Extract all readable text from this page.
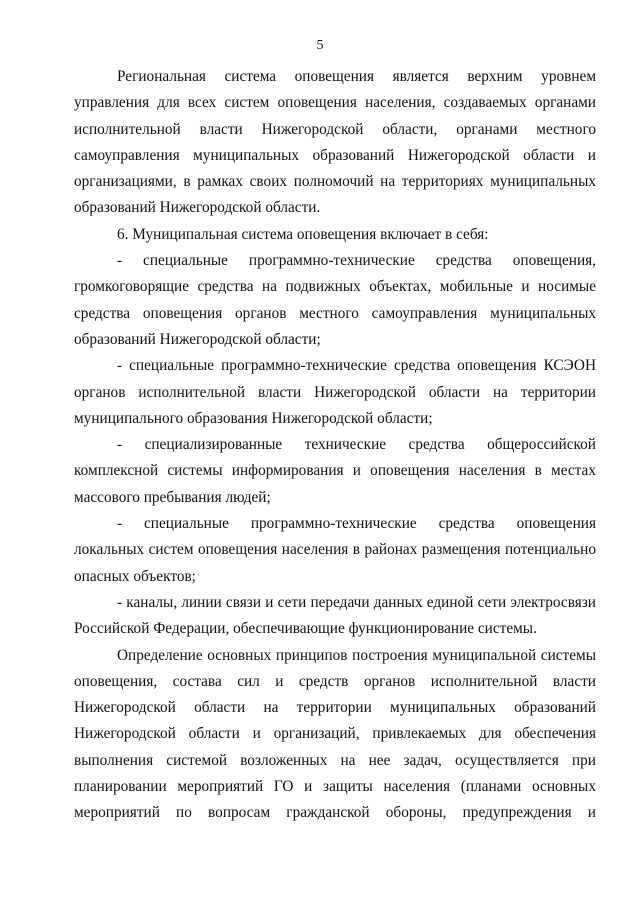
5

Региональная система оповещения является верхним уровнем управления для всех систем оповещения населения, создаваемых органами исполнительной власти Нижегородской области, органами местного самоуправления муниципальных образований Нижегородской области и организациями, в рамках своих полномочий на территориях муниципальных образований Нижегородской области.

6. Муниципальная система оповещения включает в себя:

- специальные программно-технические средства оповещения, громкоговорящие средства на подвижных объектах, мобильные и носимые средства оповещения органов местного самоуправления муниципальных образований Нижегородской области;

- специальные программно-технические средства оповещения КСЭОН органов исполнительной власти Нижегородской области на территории муниципального образования Нижегородской области;

- специализированные технические средства общероссийской комплексной системы информирования и оповещения населения в местах массового пребывания людей;

- специальные программно-технические средства оповещения локальных систем оповещения населения в районах размещения потенциально опасных объектов;

- каналы, линии связи и сети передачи данных единой сети электросвязи Российской Федерации, обеспечивающие функционирование системы.

Определение основных принципов построения муниципальной системы оповещения, состава сил и средств органов исполнительной власти Нижегородской области на территории муниципальных образований Нижегородской области и организаций, привлекаемых для обеспечения выполнения системой возложенных на нее задач, осуществляется при планировании мероприятий ГО и защиты населения (планами основных мероприятий по вопросам гражданской обороны, предупреждения и
